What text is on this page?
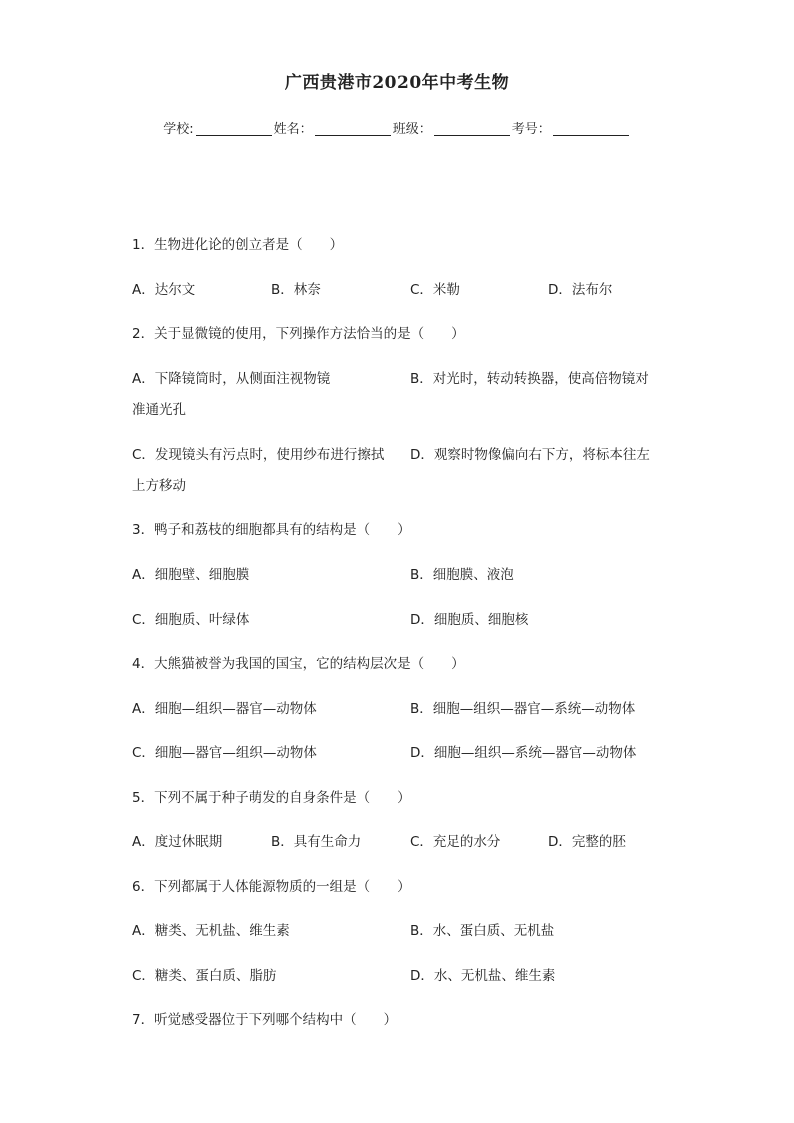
广西贵港市2020年中考生物
学校:	姓名：	班级：	考号：
1．生物进化论的创立者是（　　）
A．达尔文	B．林奈	C．米勒	D．法布尔
2．关于显微镜的使用，下列操作方法恰当的是（　　）
A．下降镜筒时，从侧面注视物镜	B．对光时，转动转换器，使高倍物镜对
准通光孔
C．发现镜头有污点时，使用纱布进行擦拭 D．观察时物像偏向右下方，将标本往左
上方移动
3．鸭子和荔枝的细胞都具有的结构是（　　）
A．细胞壁、细胞膜	B．细胞膜、液泡
C．细胞质、叶绿体	D．细胞质、细胞核
4．大熊猫被誉为我国的国宝，它的结构层次是（　　）
A．细胞—组织—器官—动物体	B．细胞—组织—器官—系统—动物体
C．细胞—器官—组织—动物体	D．细胞—组织—系统—器官—动物体
5．下列不属于种子萌发的自身条件是（　　）
A．度过休眠期	B．具有生命力	C．充足的水分	D．完整的胚
6．下列都属于人体能源物质的一组是（　　）
A．糖类、无机盐、维生素	B．水、蛋白质、无机盐
C．糖类、蛋白质、脂肪	D．水、无机盐、维生素
7．听觉感受器位于下列哪个结构中（　　）
